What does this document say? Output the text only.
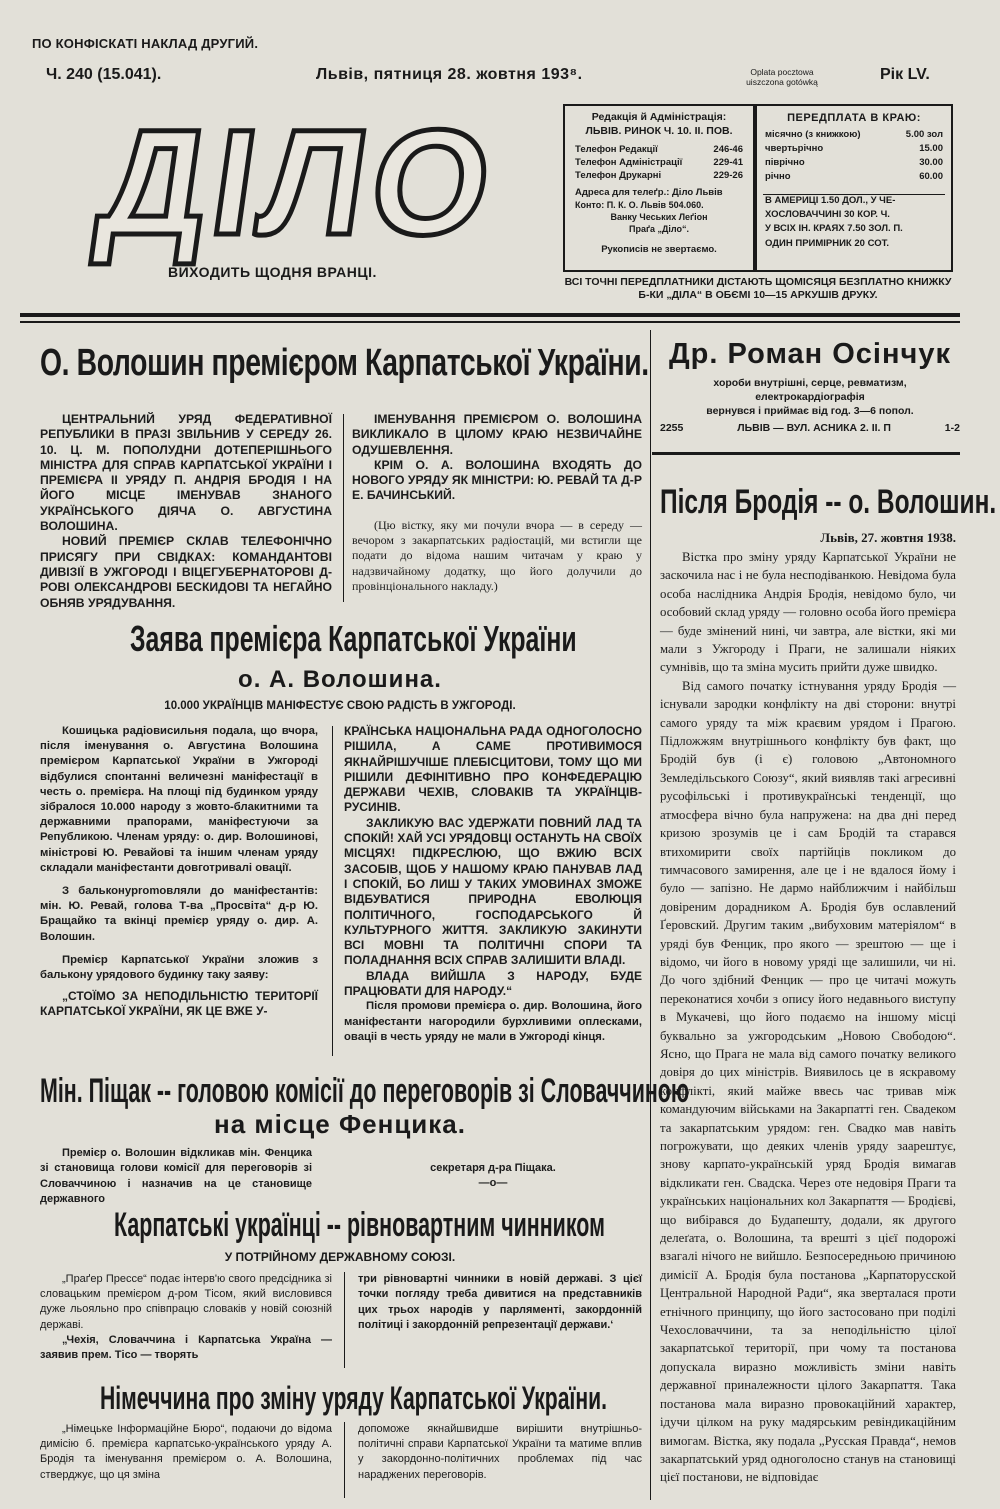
ПО КОНФІСКАТІ НАКЛАД ДРУГИЙ.
Ч. 240 (15.041).	Львів, пятниця 28. жовтня 193⁸.	Oplata pocztowa
uiszczona gotówką	Рік LV.
ДІЛО
ВИХОДИТЬ ЩОДНЯ ВРАНЦІ.
Редакція й Адміністрація:
ЛЬВІВ. РИНОК Ч. 10. II. ПОВ.
Телефон Редакції	246-46
Телефон Адміністрації	229-41
Телефон Друкарні	229-26
Адреса для телеґр.: Діло Львів
Конто: П. К. О. Львів 504.060.
Ванку Чеських Леґіон
Праґа „Діло“.
Рукописів не звертаємо.
ПЕРЕДПЛАТА В КРАЮ:
місячно (з книжкою)	5.00 зол
чвертьрічно	15.00
піврічно	30.00
річно	60.00
В АМЕРИЦІ 1.50 ДОЛ., У ЧЕ-
ХОСЛОВАЧЧИНІ 30 КОР. Ч.
У ВСІХ ІН. КРАЯХ 7.50 ЗОЛ. П.
ОДИН ПРИМІРНИК 20 СОТ.
ВСІ ТОЧНІ ПЕРЕДПЛАТНИКИ ДІСТАЮТЬ ЩОМІСЯЦЯ БЕЗПЛАТНО КНИЖКУ Б-КИ „ДІЛА“ В ОБЄМІ 10—15 АРКУШІВ ДРУКУ.
О. Волошин премієром Карпатської України.

ЦЕНТРАЛЬНИЙ УРЯД ФЕДЕРАТИВНОЇ РЕПУБЛИКИ В ПРАЗІ ЗВІЛЬНИВ У СЕРЕДУ 26. 10. Ц. М. ПОПОЛУДНИ ДОТЕПЕРІШНЬОГО МІНІСТРА ДЛЯ СПРАВ КАРПАТСЬКОЇ УКРАЇНИ І ПРЕМІЄРА II УРЯДУ П. АНДРІЯ БРОДІЯ І НА ЙОГО МІСЦЕ ІМЕНУВАВ ЗНАНОГО УКРАЇНСЬКОГО ДІЯЧА О. АВГУСТИНА ВОЛОШИНА.

НОВИЙ ПРЕМІЄР СКЛАВ ТЕЛЕФОНІЧНО ПРИСЯГУ ПРИ СВІДКАХ: КОМАНДАНТОВІ ДИВІЗІЇ В УЖГОРОДІ І ВІЦЕГУБЕРНАТОРОВІ Д-РОВІ ОЛЕКСАНДРОВІ БЕСКИДОВІ ТА НЕГАЙНО ОБНЯВ УРЯДУВАННЯ.

ІМЕНУВАННЯ ПРЕМІЄРОМ О. ВОЛОШИНА ВИКЛИКАЛО В ЦІЛОМУ КРАЮ НЕЗВИЧАЙНЕ ОДУШЕВЛЕННЯ.

КРІМ О. А. ВОЛОШИНА ВХОДЯТЬ ДО НОВОГО УРЯДУ ЯК МІНІСТРИ: Ю. РЕВАЙ ТА Д-Р Е. БАЧИНСЬКИЙ.

(Цю вістку, яку ми почули вчора — в середу — вечором з закарпатських радіостацій, ми встигли ще подати до відома нашим читачам у краю у надзвичайному додатку, що його долучили до провінціонального накладу.)

Др. Роман Осінчук
хороби внутрішні, серце, ревматизм,
електрокардіографія
вернувся і приймає від год. 3—6 попол.
2255	ЛЬВІВ — ВУЛ. АСНИКА 2. II. П	1-2
Після Бродія -- о. Волошин.
Львів, 27. жовтня 1938.

Вістка про зміну уряду Карпатської України не заскочила нас і не була несподіванкою. Невідома була особа наслідника Андрія Бродія, невідомо було, чи особовий склад уряду — головно особа його премієра — буде змінений нині, чи завтра, але вістки, які ми мали з Ужгороду і Праги, не залишали ніяких сумнівів, що та зміна мусить прийти дуже швидко.

Від самого початку істнування уряду Бродія — існували зародки конфлікту на дві сторони: внутрі самого уряду та між краєвим урядом і Прагою. Підложжям внутрішнього конфлікту був факт, що Бродій був (і є) головою „Автономного Земледільського Союзу“, який виявляв такі агресивні русофільські і противукраїнські тенденції, що атмосфера вічно була напружена: на два дні перед кризою зрозумів це і сам Бродій та старався втихомирити своїх партійців покликом до тимчасового замирення, але це і не вдалося йому і було — запізно. Не дармо найближчим і найбільш довіреним дорадником А. Бродія був ославлений Ґеровский. Другим таким „вибуховим матеріялом“ в уряді був Фенцик, про якого — зрештою — ще і відомо, чи його в новому уряді ще залишили, чи ні. До чого здібний Фенцик — про це читачі можуть переконатися хочби з опису його недавнього виступу в Мукачеві, що його подаємо на іншому місці буквально за ужгородським „Новою Свободою“. Ясно, що Прага не мала від самого початку великого довіря до цих міністрів. Виявилось це в яскравому конфлікті, який майже ввесь час тривав між командуючим військами на Закарпатті ген. Свадеком та закарпатським урядом: ген. Свадко мав навіть погрожувати, що деяких членів уряду заарештує, знову карпато-українській уряд Бродія вимагав відкликати ген. Свадска. Через оте недовіря Праги та українських національних кол Закарпаття — Бродієві, що вибірався до Будапешту, додали, як другого делеґата, о. Волошина, та врешті з цієї подорожі взагалі нічого не вийшло. Безпосередньою причиною димісії А. Бродія була постанова „Карпаторусской Центральной Народной Ради“, яка зверталася проти етнічного принципу, що його застосовано при поділі Чехословаччини, та за неподільністю цілої закарпатської території, при чому та постанова допускала виразно можливість зміни навіть державної приналежности цілого Закарпаття. Така постанова мала виразно провокаційний характер, ідучи цілком на руку мадярським ревіндикаційним вимогам. Вістка, яку подала „Русская Правда“, немов закарпатський уряд одноголосно станув на становищі цієї постанови, не відповідає

Заява премієра Карпатської України
о. А. Волошина.
10.000 УКРАЇНЦІВ МАНІФЕСТУЄ СВОЮ РАДІСТЬ В УЖГОРОДІ.

Кошицька радіовисильня подала, що вчора, після іменування о. Августина Волошина премієром Карпатської України в Ужгороді відбулися спонтанні величезні маніфестації в честь о. премієра. На площі під будинком уряду зібралося 10.000 народу з жовто-блакитними та державними прапорами, маніфестуючи за Републикою. Членам уряду: о. дир. Волошинові, міністрові Ю. Ревайові та іншим членам уряду складали маніфестанти довготривалі овації.

З бальконуpromовляли до маніфестантів: мін. Ю. Ревай, голова Т-ва „Просвіта“ д-р Ю. Бращайко та вкінці премієр уряду о. дир. А. Волошин.

Премієр Карпатської України зложив з бальконy урядового будинку таку заяву:

„СТОЇМО ЗА НЕПОДІЛЬНІСТЮ ТЕРИТОРІЇ КАРПАТСЬКОЇ УКРАЇНИ, ЯК ЦЕ ВЖЕ У-

КРАЇНСЬКА НАЦІОНАЛЬНА РАДА ОДНОГОЛОСНО РІШИЛА, А САМЕ ПРОТИВИМОСЯ ЯКНАЙРІШУЧІШЕ ПЛЕБІСЦИТОВИ, ТОМУ ЩО МИ РІШИЛИ ДЕФІНІТИВНО ПРО КОНФЕДЕРАЦІЮ ДЕРЖАВИ ЧЕХІВ, СЛОВАКІВ ТА УКРАЇНЦІВ-РУСИНІВ.

ЗАКЛИКУЮ ВАС УДЕРЖАТИ ПОВНИЙ ЛАД ТА СПОКІЙ! ХАЙ УСІ УРЯДОВЦІ ОСТАНУТЬ НА СВОЇХ МІСЦЯХ! ПІДКРЕСЛЮЮ, ЩО ВЖИЮ ВСІХ ЗАСОБІВ, ЩОБ У НАШОМУ КРАЮ ПАНУВАВ ЛАД І СПОКІЙ, БО ЛИШ У ТАКИХ УМОВИНАХ ЗМОЖЕ ВІДБУВАТИСЯ ПРИРОДНА ЕВОЛЮЦІЯ ПОЛІТИЧНОГО, ГОСПОДАРСЬКОГО Й КУЛЬТУРНОГО ЖИТТЯ. ЗАКЛИКУЮ ЗАКИНУТИ ВСІ МОВНІ ТА ПОЛІТИЧНІ СПОРИ ТА ПОЛАДНАННЯ ВСІХ СПРАВ ЗАЛИШИТИ ВЛАДІ.

ВЛАДА ВИЙШЛА З НАРОДУ, БУДЕ ПРАЦЮВАТИ ДЛЯ НАРОДУ.“

Після промови премієра о. дир. Волошина, його маніфестанти нагородили бурхливими оплесками, оваціі в честь уряду не мали в Ужгороді кінця.

Мін. Піщак -- головою комісії до переговорів зі Словаччиною
на місце Фенцика.

Премієр о. Волошин відкликав мін. Фенцика зі становища голови комісії для переговорів зі Словаччиною і назначив на це становище державного

секретаря д-ра Піщака.

—o—

Карпатські українці -- рівновартним чинником
У ПОТРІЙНОМУ ДЕРЖАВНОМУ СОЮЗІ.

„Праґер Прессе“ подає інтерв'ю свого предсідника зі словацьким премієром д-ром Тісом, який висловився дуже льояльно про співпрацю словаків у новій союзній державі.

„Чехія, Словаччина і Карпатська Україна — заявив прем. Тісо — творять

три рівновартні чинники в новій державі. З цієї точки погляду треба дивитися на представників цих трьох народів у парляменті, закордонній політиці і закордонній репрезентації держави.‘

Німеччина про зміну уряду Карпатської України.

„Німецьке Інформаційне Бюро“, подаючи до відома димісію б. премієра карпатсько-українського уряду А. Бродія та іменування премієром о. А. Волошина, стверджує, що ця зміна

допоможе якнайшвидше вирішити внутрішньо-політичні справи Карпатської України та матиме вплив у закордонно-політичних проблемах під час нараджених переговорів.
